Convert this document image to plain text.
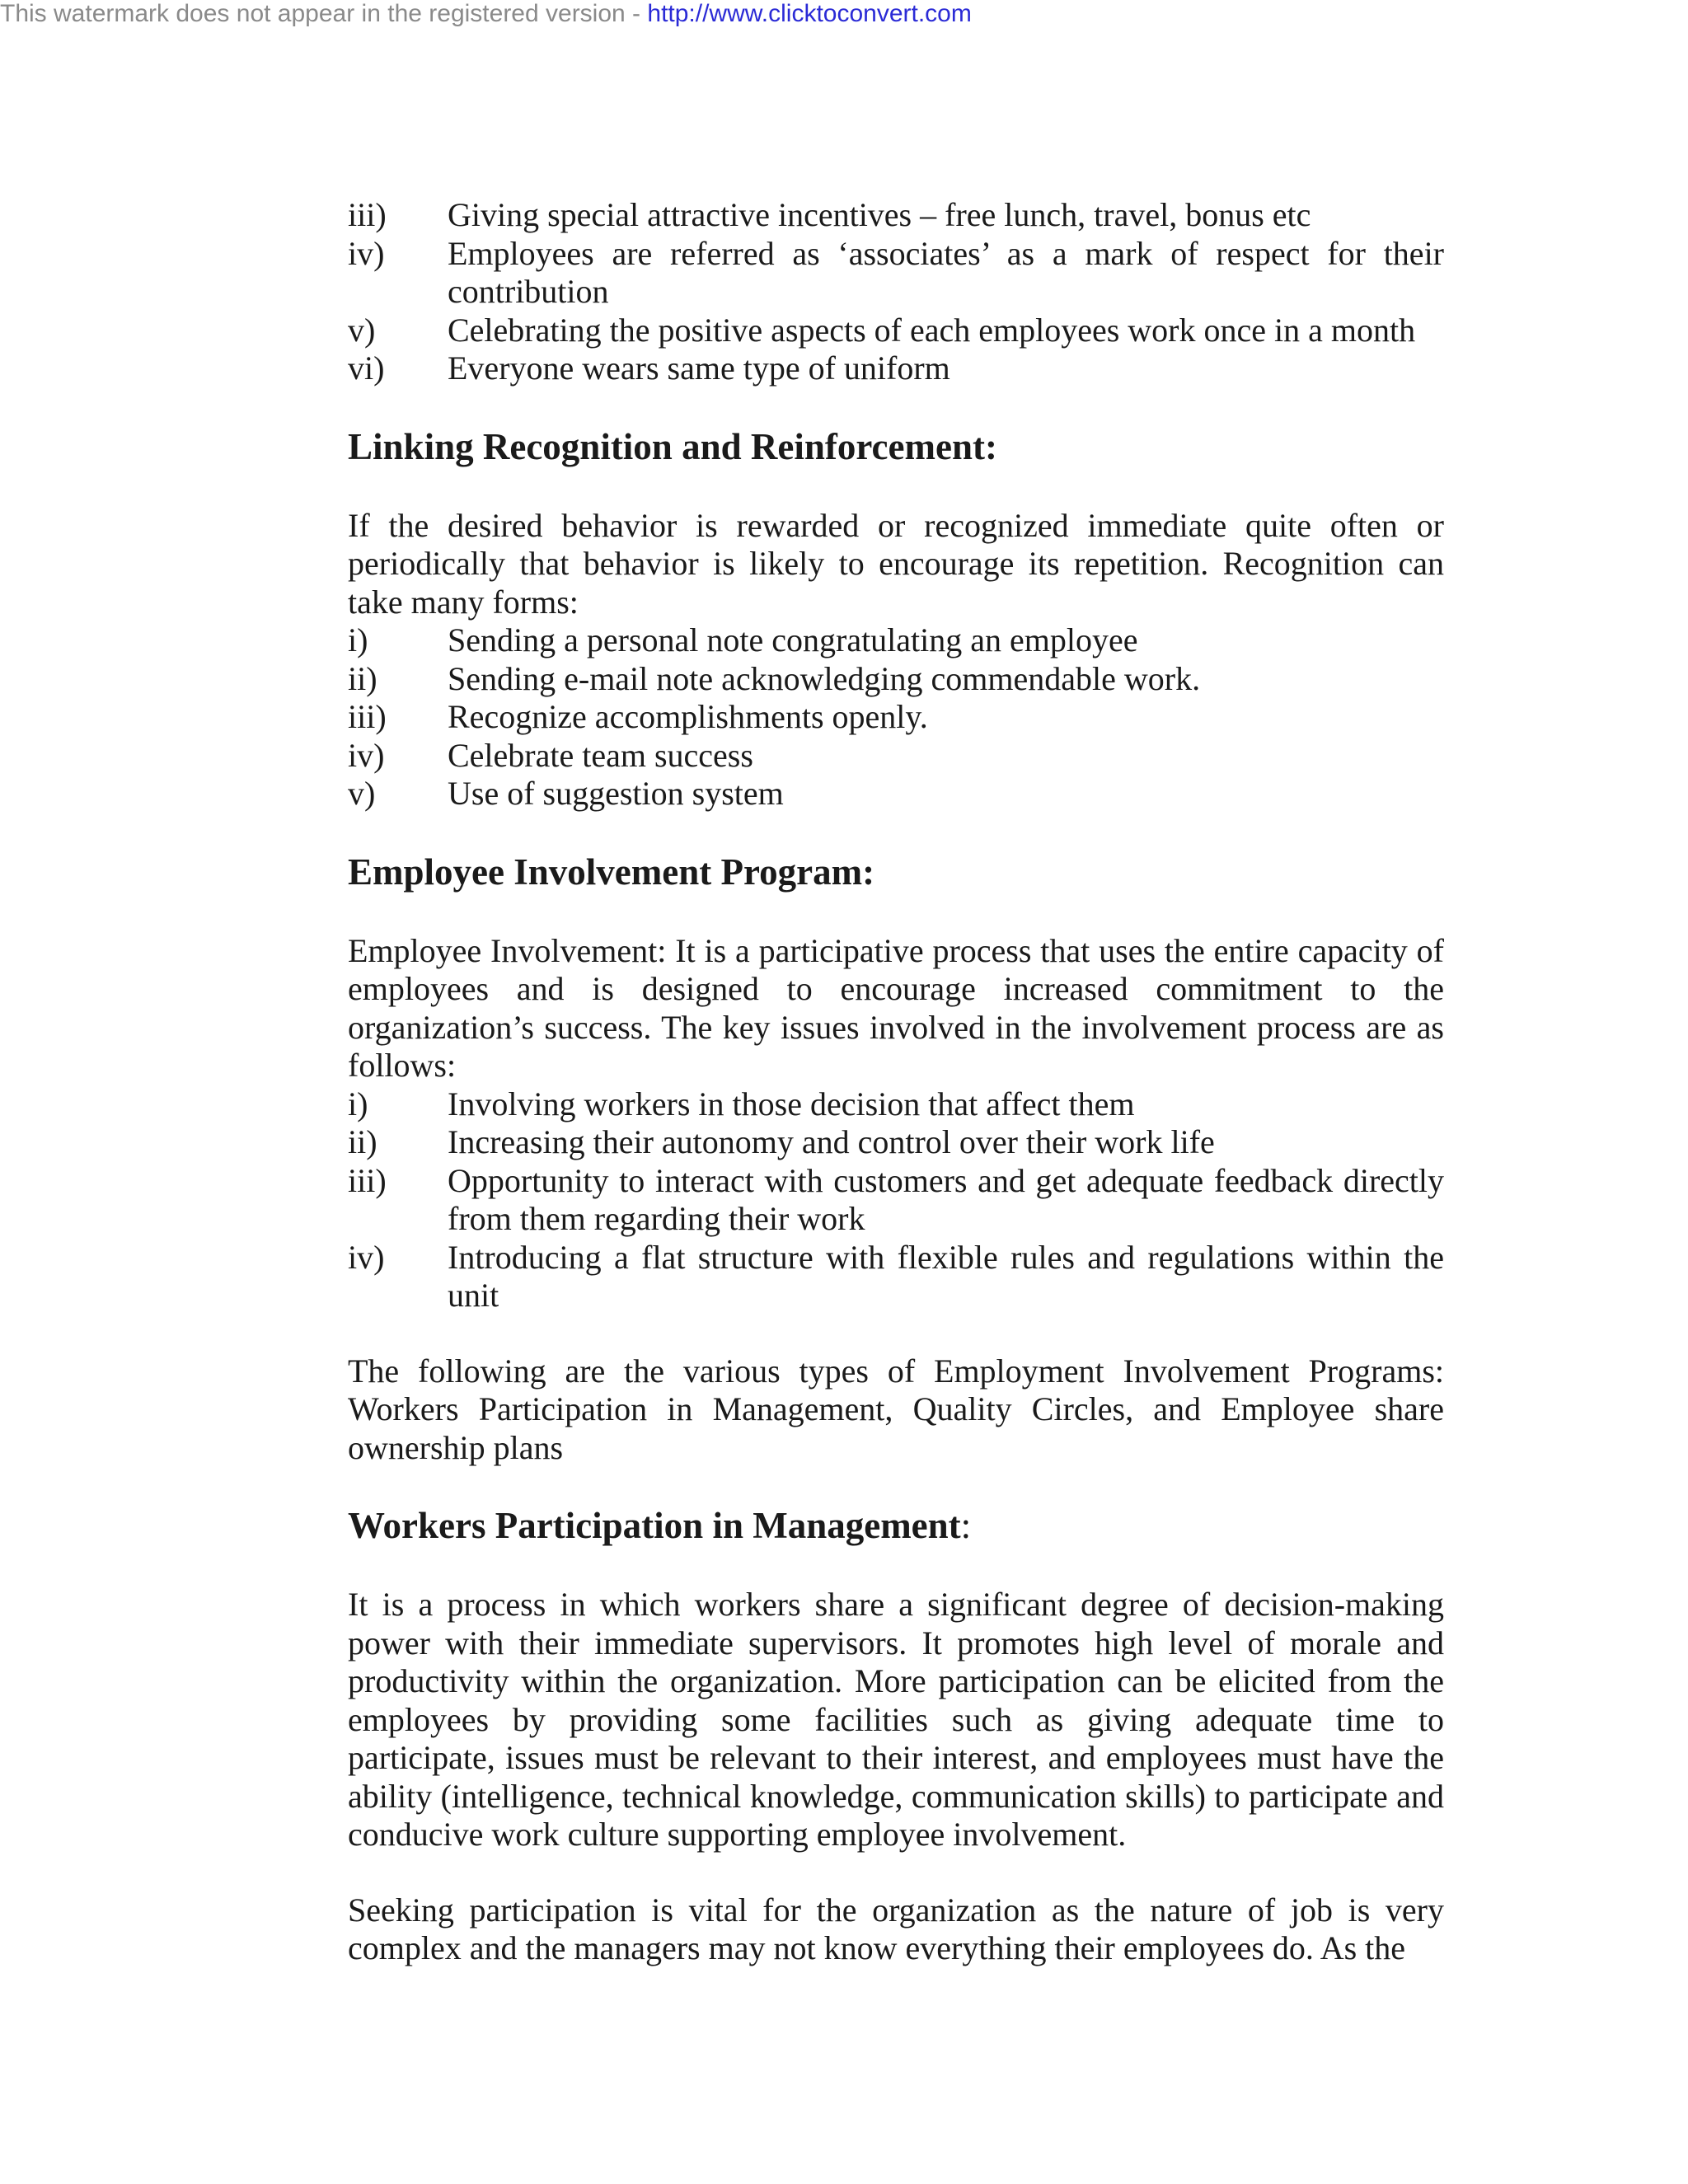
This watermark does not appear in the registered version - http://www.clicktoconvert.com
iii)	Giving special attractive incentives – free lunch, travel, bonus etc
iv)	Employees are referred as ‘associates’ as a mark of respect for their contribution
v)	Celebrating the positive aspects of each employees work once in a month
vi)	Everyone wears same type of uniform
Linking Recognition and Reinforcement:

If the desired behavior is rewarded or recognized immediate quite often or periodically that behavior is likely to encourage its repetition. Recognition can take many forms:

i)	Sending a personal note congratulating an employee
ii)	Sending e-mail note acknowledging commendable work.
iii)	Recognize accomplishments openly.
iv)	Celebrate team success
v)	Use of suggestion system
Employee Involvement Program:

Employee Involvement: It is a participative process that uses the entire capacity of employees and is designed to encourage increased commitment to the organization’s success. The key issues involved in the involvement process are as follows:

i)	Involving workers in those decision that affect them
ii)	Increasing their autonomy and control over their work life
iii)	Opportunity to interact with customers and get adequate feedback directly from them regarding their work
iv)	Introducing a flat structure with flexible rules and regulations within the unit

The following are the various types of Employment Involvement Programs: Workers Participation in Management, Quality Circles, and Employee share ownership plans

Workers Participation in Management:

It is a process in which workers share a significant degree of decision-making power with their immediate supervisors. It promotes high level of morale and productivity within the organization. More participation can be elicited from the employees by providing some facilities such as giving adequate time to participate, issues must be relevant to their interest, and employees must have the ability (intelligence, technical knowledge, communication skills) to participate and conducive work culture supporting employee involvement.

Seeking participation is vital for the organization as the nature of job is very complex and the managers may not know everything their employees do. As the
